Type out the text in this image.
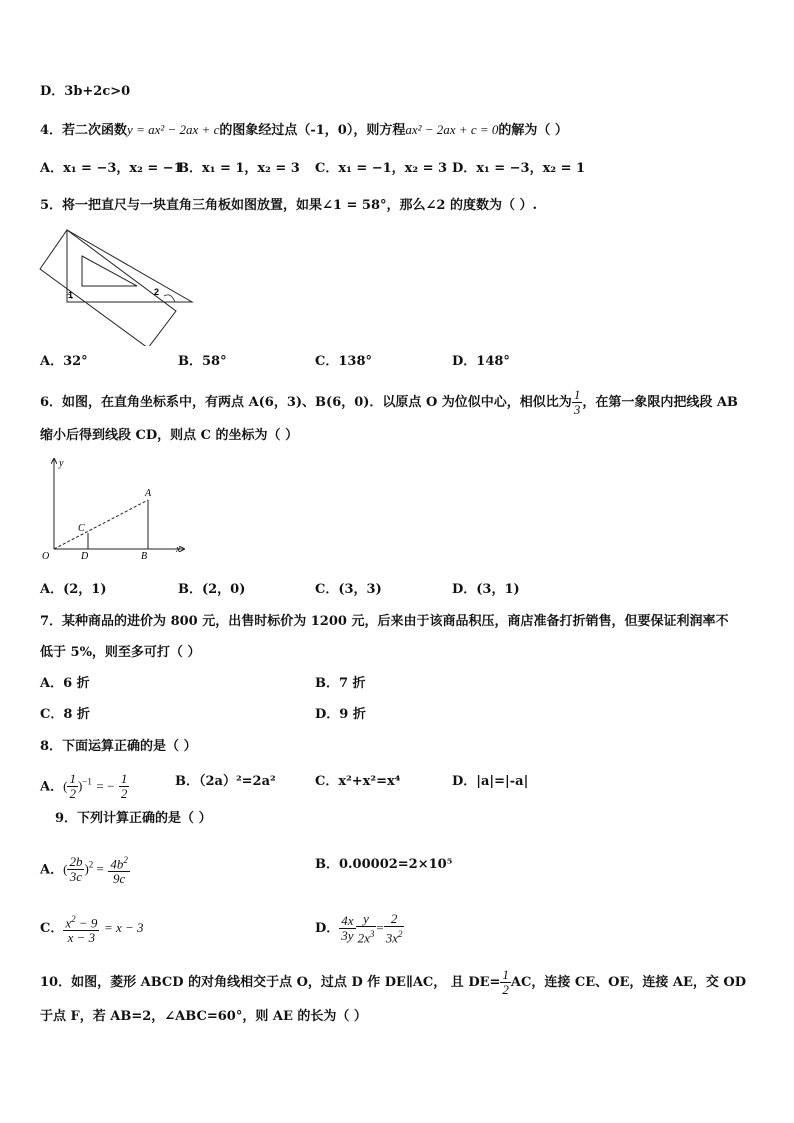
D．3b+2c>0
4．若二次函数y = ax² − 2ax + c的图象经过点（-1，0），则方程ax² − 2ax + c = 0的解为（ ）
A．x₁ = −3，x₂ = −1
B．x₁ = 1，x₂ = 3 C．x₁ = −1，x₂ = 3 D．x₁ = −3，x₂ = 1
5．将一把直尺与一块直角三角板如图放置，如果∠1 = 58°，那么∠2 的度数为（ ）.
1	2
A．32°	B．58°	C．138°	D．148°
6．如图，在直角坐标系中，有两点 A(6，3)、B(6，0)．以原点 O 为位似中心，相似比为 $\frac{1}{3}$ ，在第一象限内把线段 AB
缩小后得到线段 CD，则点 C 的坐标为（ ）
y
x
A
C
O	D	B
A．(2，1)	B．(2，0)	C．(3，3)	D．(3，1)
7．某种商品的进价为 800 元，出售时标价为 1200 元，后来由于该商品积压，商店准备打折销售，但要保证利润率不
低于 5%，则至多可打（ ）
A．6 折	B．7 折
C．8 折	D．9 折
8．下面运算正确的是（ ）
A．( $\frac{1}{2} )^{-1}$ = − $\frac{1}{2}$	B．（2a）²=2a²	C．x²+x²=x⁴	D．|a|=|-a|
9．下列计算正确的是（ ）
A．( $\frac{2b}{3c} )^2 = \frac{4b^2}{9c}$	B．0.00002=2×10⁵
C． $\frac{x^2 - 9}{x - 3} = x - 3$	D． $\frac{4x}{3y} \frac{y}{2x^3} = \frac{2}{3x^2}$
10．如图，菱形 ABCD 的对角线相交于点 O，过点 D 作 DE∥AC， 且 $DE= \frac{1}{2}$ AC，连接 CE、OE，连接 AE，交 OD
于点 F，若 AB=2，∠ABC=60°，则 AE 的长为（ ）
